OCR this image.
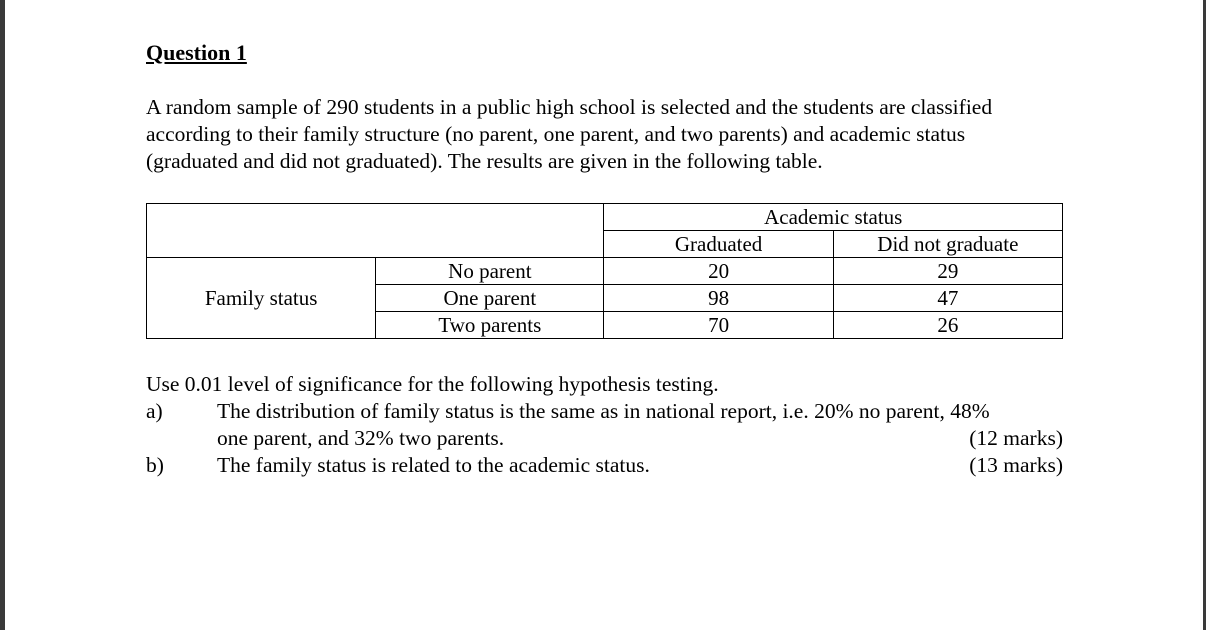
Question 1
A random sample of 290 students in a public high school is selected and the students are classified
according to their family structure (no parent, one parent, and two parents) and academic status
(graduated and did not graduated). The results are given in the following table.
		Academic status	
		Graduated	Did not graduate
Family status	No parent	20	29
	One parent	98	47
	Two parents	70	26
Use 0.01 level of significance for the following hypothesis testing.
a)	The distribution of family status is the same as in national report, i.e. 20% no parent, 48%
one parent, and 32% two parents.	(12 marks)
b) The family status is related to the academic status.	(13 marks)
